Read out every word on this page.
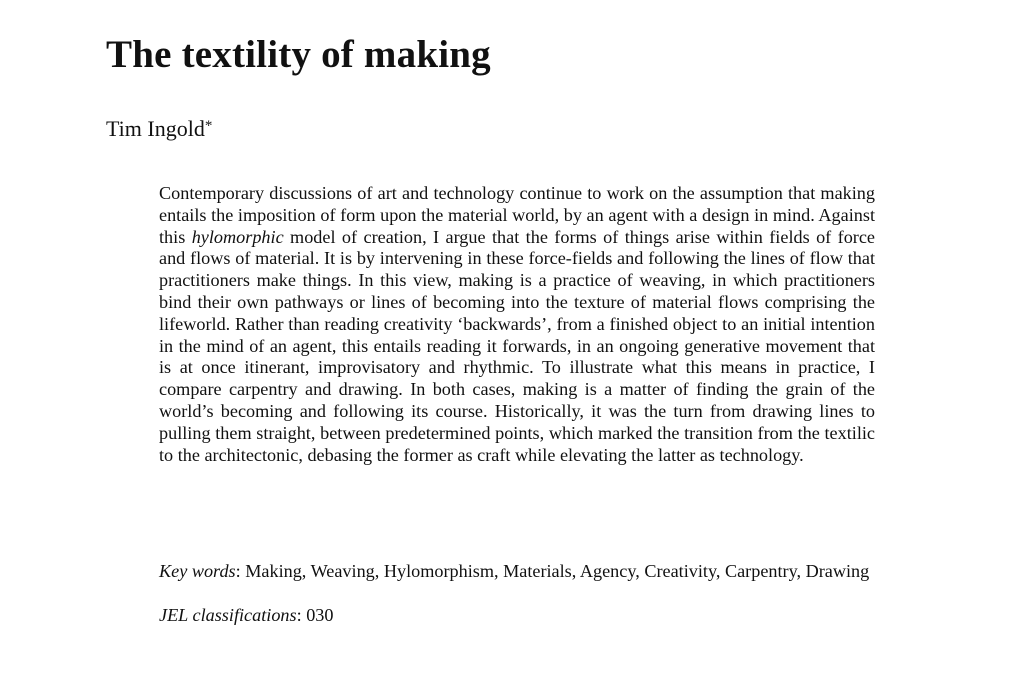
The textility of making

Tim Ingold*

Contemporary discussions of art and technology continue to work on the assumption that making entails the imposition of form upon the material world, by an agent with a design in mind. Against this hylomorphic model of creation, I argue that the forms of things arise within fields of force and flows of material. It is by intervening in these force-fields and following the lines of flow that practitioners make things. In this view, making is a practice of weaving, in which practitioners bind their own pathways or lines of becoming into the texture of material flows comprising the lifeworld. Rather than reading creativity ‘backwards’, from a finished object to an initial intention in the mind of an agent, this entails reading it forwards, in an ongoing generative movement that is at once itinerant, improvisatory and rhythmic. To illustrate what this means in practice, I compare carpentry and drawing. In both cases, making is a matter of finding the grain of the world’s becoming and following its course. Historically, it was the turn from drawing lines to pulling them straight, between predetermined points, which marked the transition from the textilic to the architectonic, debasing the former as craft while elevating the latter as technology.

Key words: Making, Weaving, Hylomorphism, Materials, Agency, Creativity, Carpentry, Drawing

JEL classifications: 030
